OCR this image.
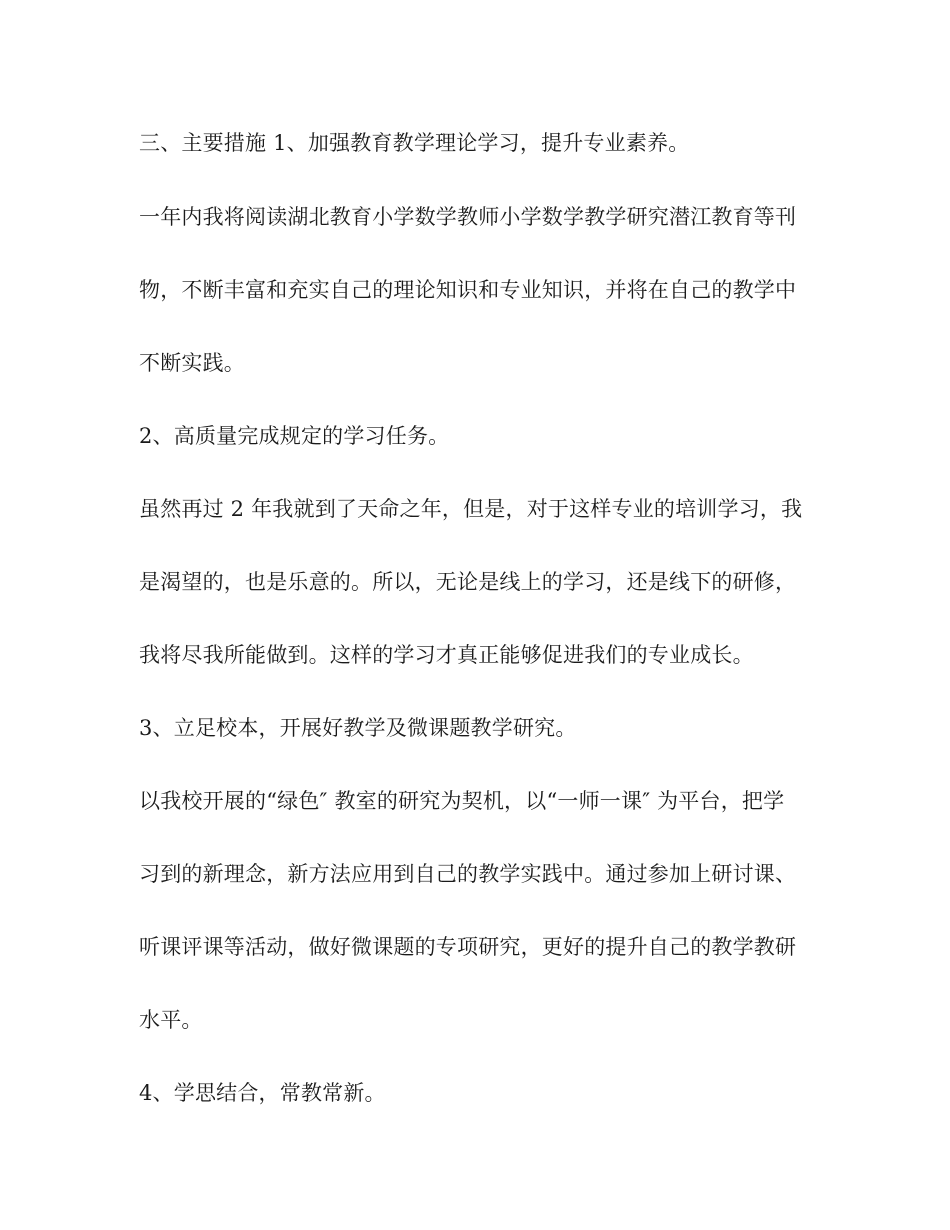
三、主要措施 1、加强教育教学理论学习，提升专业素养。
一年内我将阅读湖北教育小学数学教师小学数学教学研究潜江教育等刊
物，不断丰富和充实自己的理论知识和专业知识，并将在自己的教学中
不断实践。
2、高质量完成规定的学习任务。
虽然再过 2 年我就到了天命之年，但是，对于这样专业的培训学习，我
是渴望的，也是乐意的。所以，无论是线上的学习，还是线下的研修，
我将尽我所能做到。这样的学习才真正能够促进我们的专业成长。
3、立足校本，开展好教学及微课题教学研究。
以我校开展的“绿色″ 教室的研究为契机，以“一师一课″ 为平台，把学
习到的新理念，新方法应用到自己的教学实践中。通过参加上研讨课、
听课评课等活动，做好微课题的专项研究，更好的提升自己的教学教研
水平。
4、学思结合，常教常新。
